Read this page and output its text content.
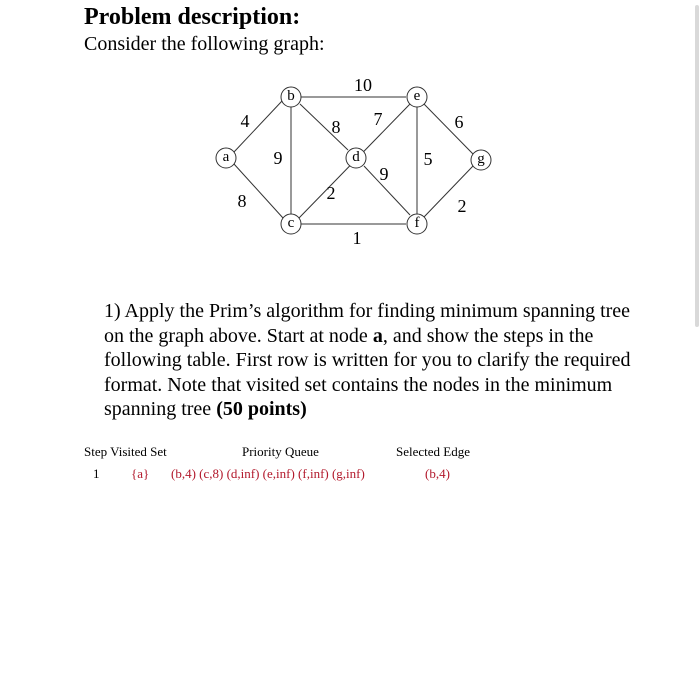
Problem description:
Consider the following graph:
4
8
9
10
8 7
2
1
9
5
6
2
a
b
c
d
e
f
g
1) Apply the Prim’s algorithm for finding minimum spanning tree on the graph above. Start at node a, and show the steps in the following table. First row is written for you to clarify the required format. Note that visited set contains the nodes in the minimum spanning tree (50 points)
Step Visited Set	Priority Queue	Selected Edge
1 {a} (b,4) (c,8) (d,inf) (e,inf) (f,inf) (g,inf)	(b,4)
